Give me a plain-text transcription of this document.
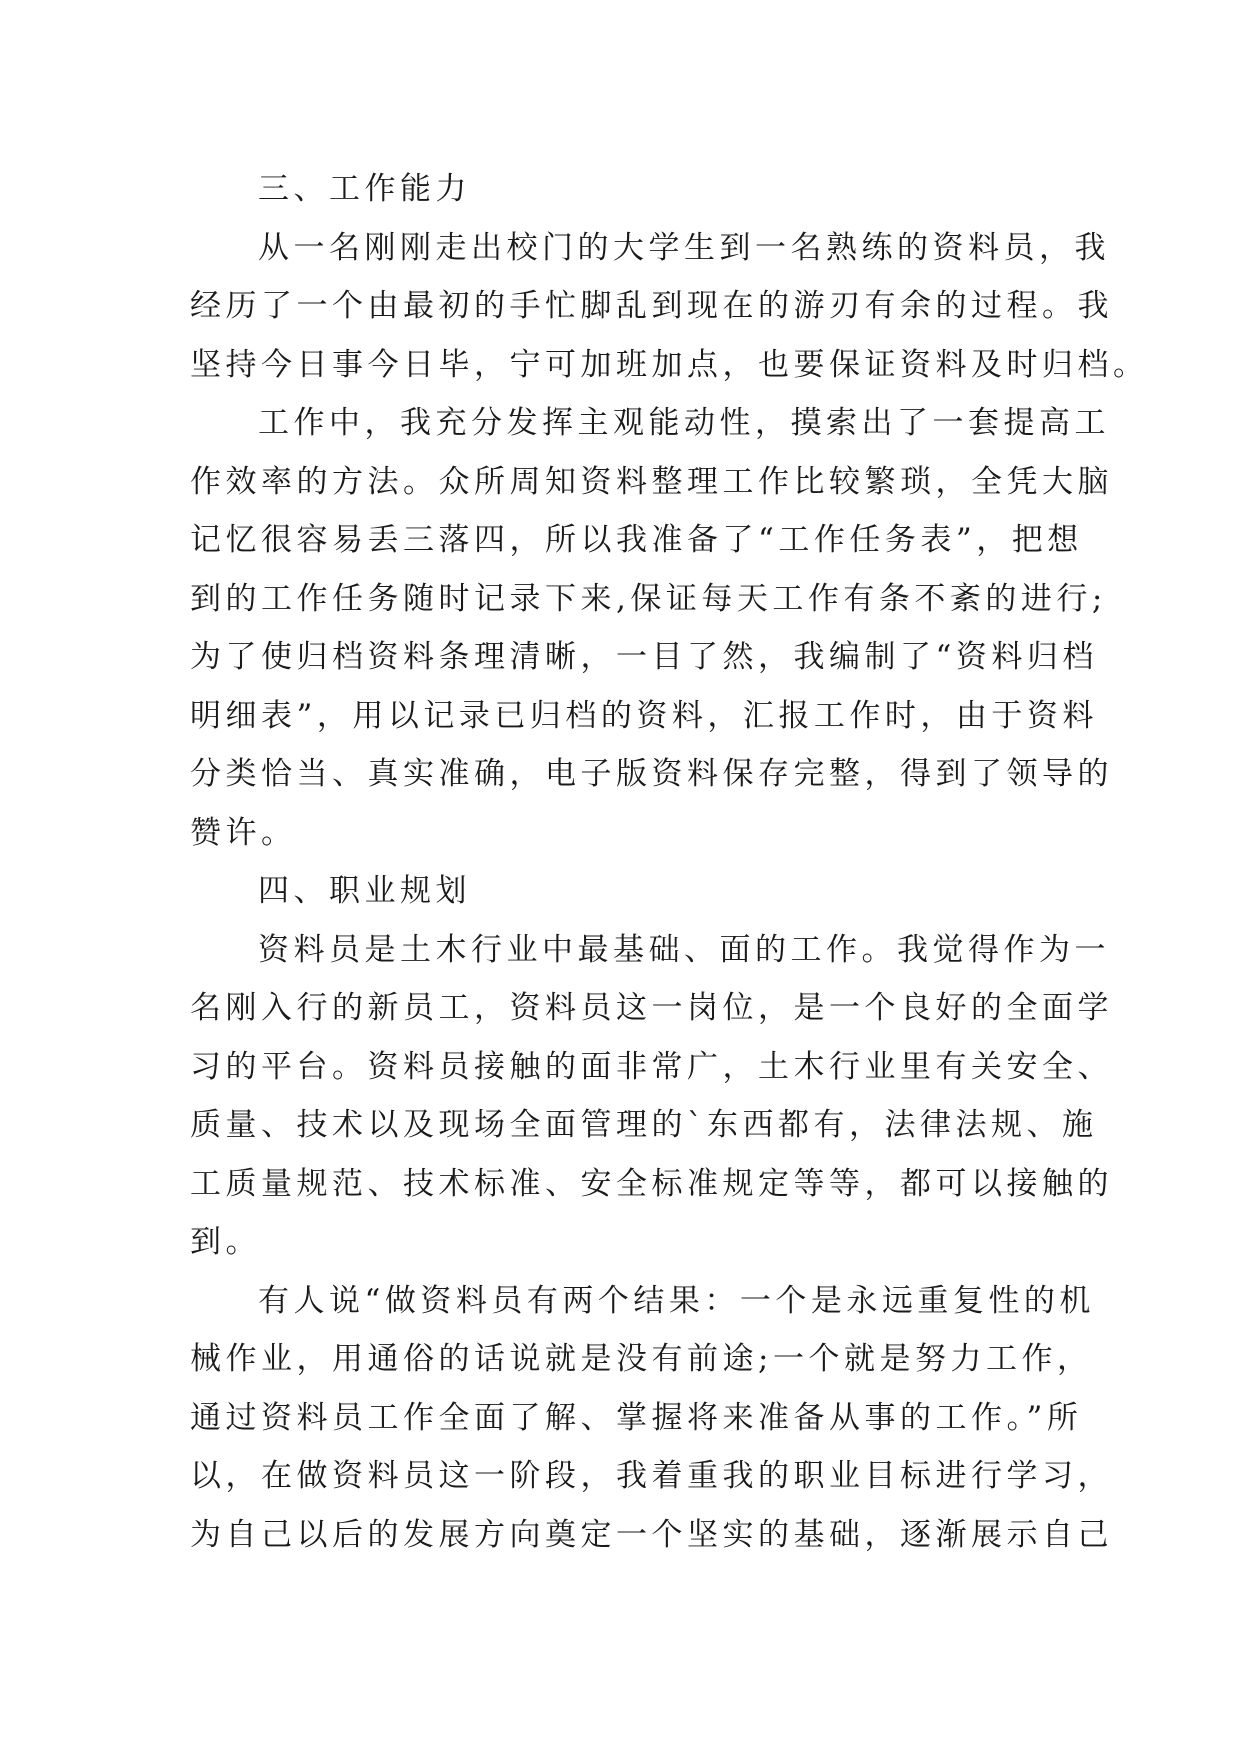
三、工作能力
从一名刚刚走出校门的大学生到一名熟练的资料员，我
经历了一个由最初的手忙脚乱到现在的游刃有余的过程。我
坚持今日事今日毕，宁可加班加点，也要保证资料及时归档。
工作中，我充分发挥主观能动性，摸索出了一套提高工
作效率的方法。众所周知资料整理工作比较繁琐，全凭大脑
记忆很容易丢三落四，所以我准备了“工作任务表”，把想
到的工作任务随时记录下来,保证每天工作有条不紊的进行;
为了使归档资料条理清晰，一目了然，我编制了“资料归档
明细表”，用以记录已归档的资料，汇报工作时，由于资料
分类恰当、真实准确，电子版资料保存完整，得到了领导的
赞许。
四、职业规划
资料员是土木行业中最基础、面的工作。我觉得作为一
名刚入行的新员工，资料员这一岗位，是一个良好的全面学
习的平台。资料员接触的面非常广，土木行业里有关安全、
质量、技术以及现场全面管理的`东西都有，法律法规、施
工质量规范、技术标准、安全标准规定等等，都可以接触的
到。
有人说“做资料员有两个结果：一个是永远重复性的机
械作业，用通俗的话说就是没有前途;一个就是努力工作，
通过资料员工作全面了解、掌握将来准备从事的工作。”所
以，在做资料员这一阶段，我着重我的职业目标进行学习，
为自己以后的发展方向奠定一个坚实的基础，逐渐展示自己
